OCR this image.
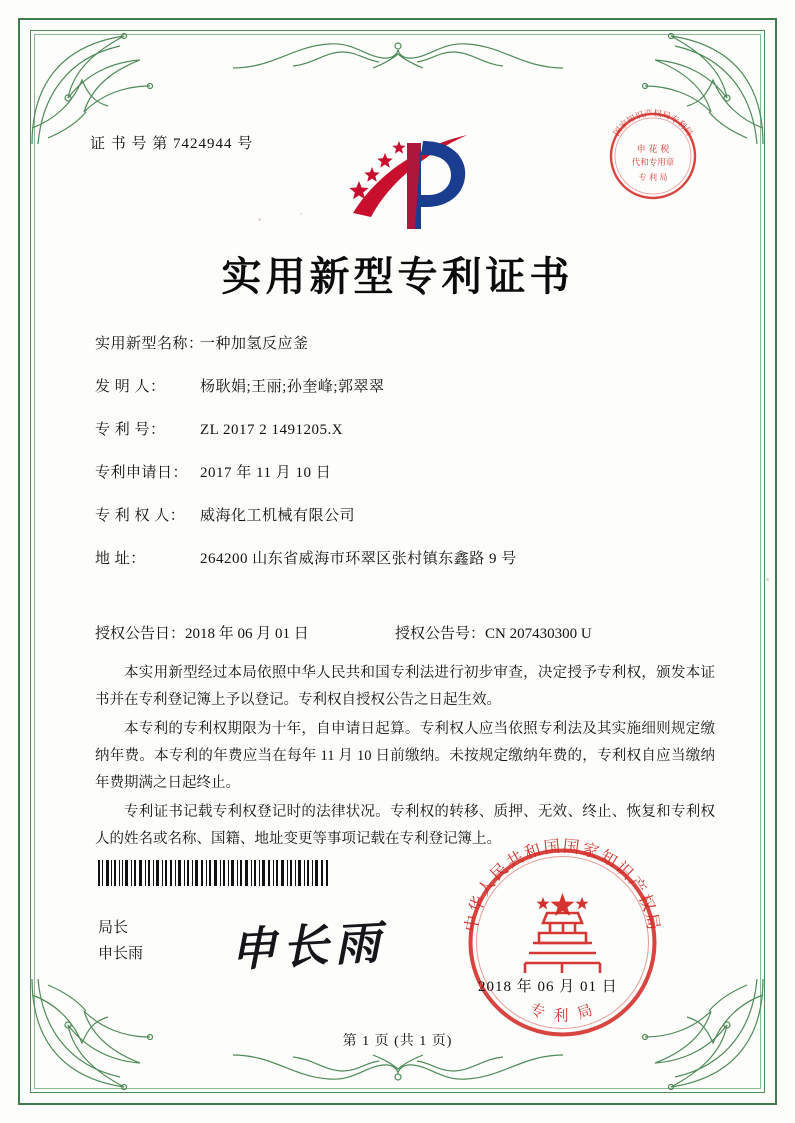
证 书 号 第 7424944 号
国家知识产权局专利局
申 花 税
代和专用章
专 利 局
实用新型专利证书
实用新型名称：
一种加氢反应釜
发 明 人：	杨耿娟;王丽;孙奎峰;郭翠翠
专 利 号：	ZL 2017 2 1491205.X
专利申请日： 2017 年 11 月 10 日
专 利 权 人： 威海化工机械有限公司
地 址：	264200 山东省威海市环翠区张村镇东鑫路 9 号
授权公告日：2018 年 06 月 01 日	授权公告号：CN 207430300 U

本实用新型经过本局依照中华人民共和国专利法进行初步审查，决定授予专利权，颁发本证书并在专利登记簿上予以登记。专利权自授权公告之日起生效。

本专利的专利权期限为十年，自申请日起算。专利权人应当依照专利法及其实施细则规定缴纳年费。本专利的年费应当在每年 11 月 10 日前缴纳。未按规定缴纳年费的，专利权自应当缴纳年费期满之日起终止。

专利证书记载专利权登记时的法律状况。专利权的转移、质押、无效、终止、恢复和专利权人的姓名或名称、国籍、地址变更等事项记载在专利登记簿上。

局长
申长雨 申长雨	中华人民共和国国家知识产权局
专 利 局
2018 年 06 月 01 日
第 1 页 (共 1 页)
